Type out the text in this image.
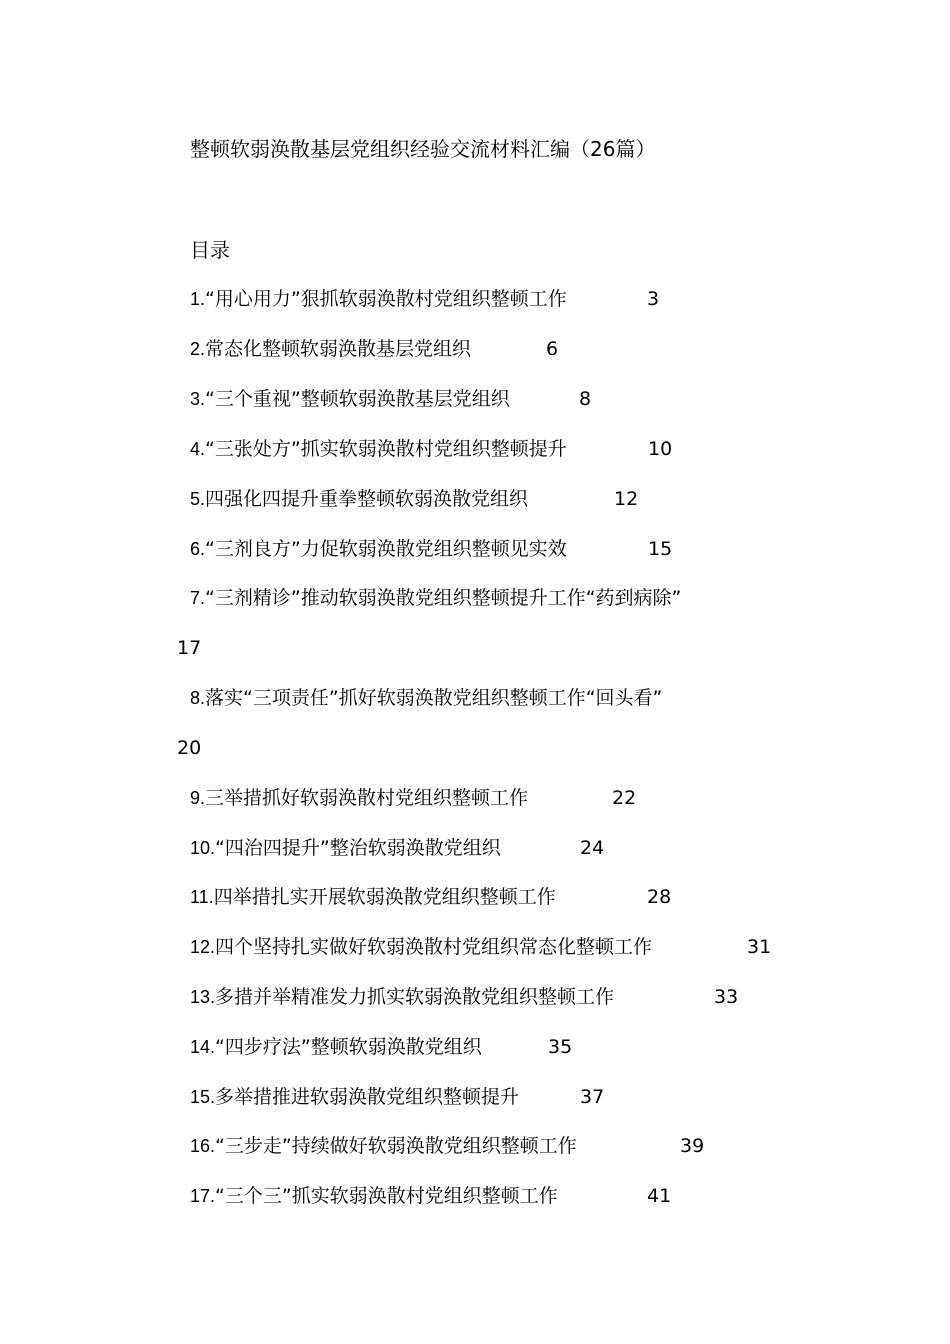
整顿软弱涣散基层党组织经验交流材料汇编（26篇）
目录
1.“用心用力”狠抓软弱涣散村党组织整顿工作	3
2.常态化整顿软弱涣散基层党组织	6
3.“三个重视”整顿软弱涣散基层党组织	8
4.“三张处方”抓实软弱涣散村党组织整顿提升	10
5.四强化四提升重拳整顿软弱涣散党组织	12
6.“三剂良方”力促软弱涣散党组织整顿见实效	15
7.“三剂精诊”推动软弱涣散党组织整顿提升工作“药到病除”
17
8.落实“三项责任”抓好软弱涣散党组织整顿工作“回头看”
20
9.三举措抓好软弱涣散村党组织整顿工作	22
10.“四治四提升”整治软弱涣散党组织	24
11.四举措扎实开展软弱涣散党组织整顿工作	28
12.四个坚持扎实做好软弱涣散村党组织常态化整顿工作	31
13.多措并举精准发力抓实软弱涣散党组织整顿工作	33
14.“四步疗法”整顿软弱涣散党组织	35
15.多举措推进软弱涣散党组织整顿提升	37
16.“三步走”持续做好软弱涣散党组织整顿工作	39
17.“三个三”抓实软弱涣散村党组织整顿工作	41
